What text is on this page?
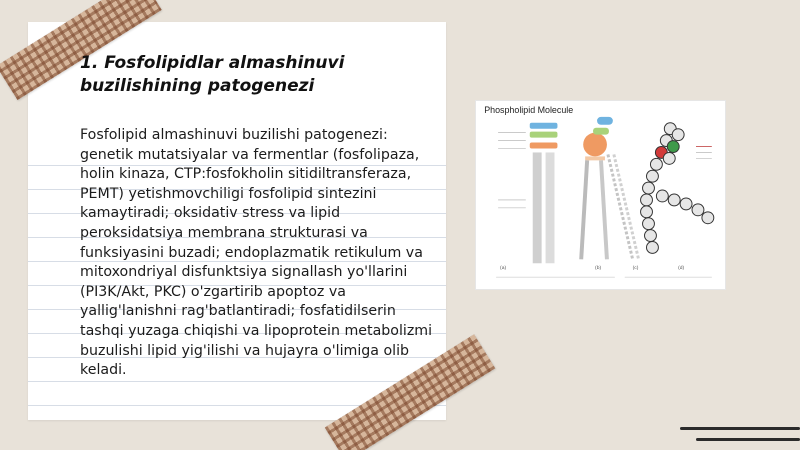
1. Fosfolipidlar almashinuvi buzilishining patogenezi

Fosfolipid almashinuvi buzilishi patogenezi: genetik mutatsiyalar va fermentlar (fosfolipaza, holin kinaza, CTP:fosfokholin sitidiltransferaza, PEMT) yetishmovchiligi fosfolipid sintezini kamaytiradi; oksidativ stress va lipid peroksidatsiya membrana strukturasi va funksiyasini buzadi; endoplazmatik retikulum va mitoxondriyal disfunktsiya signallash yo'llarini (PI3K/Akt, PKC) o'zgartirib apoptoz va yallig'lanishni rag'batlantiradi; fosfatidilserin tashqi yuzaga chiqishi va lipoprotein metabolizmi buzulishi lipid yig'ilishi va hujayra o'limiga olib keladi.

Phospholipid Molecule
(a)	(b)	(c)	(d)
